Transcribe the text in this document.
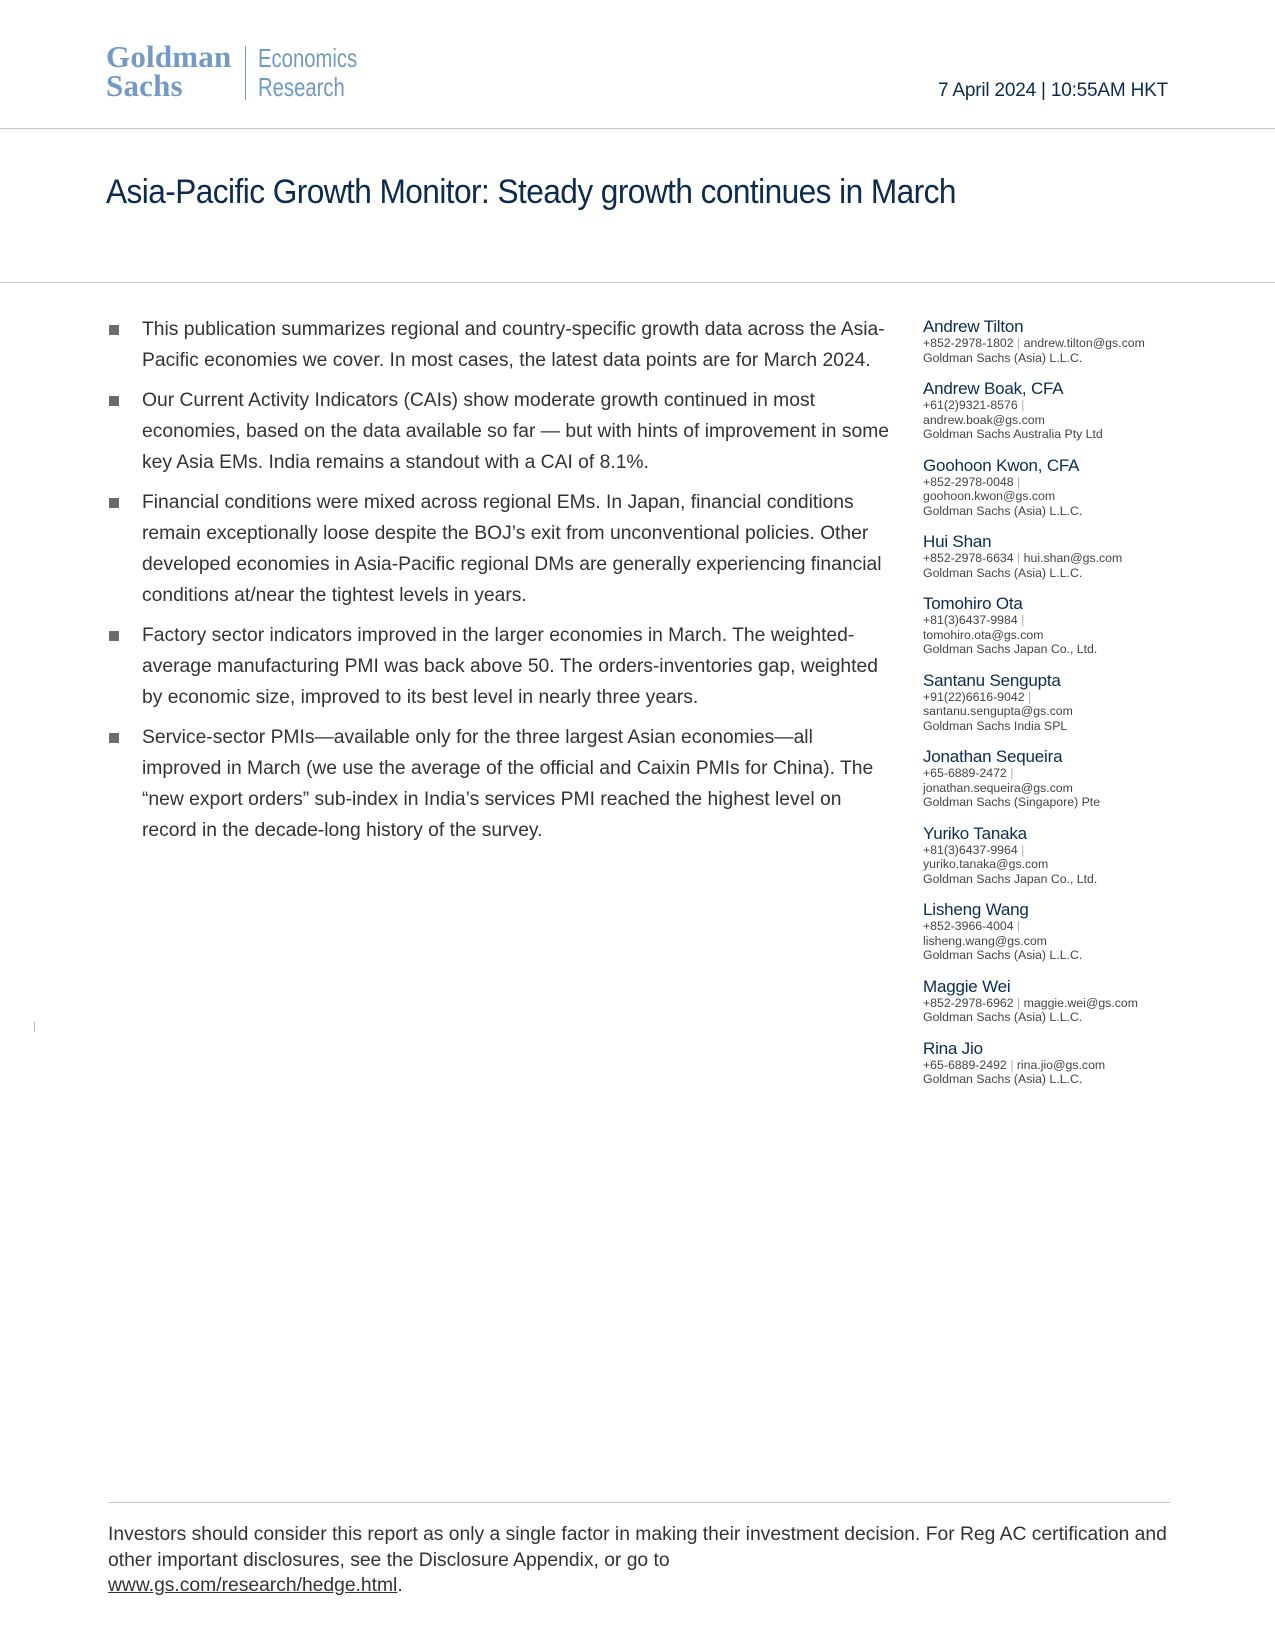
Goldman
Sachs
Economics
Research	7 April 2024 | 10:55AM HKT
Asia-Pacific Growth Monitor: Steady growth continues in March
This publication summarizes regional and country-specific growth data across the Asia-Pacific economies we cover. In most cases, the latest data points are for March 2024.
Our Current Activity Indicators (CAIs) show moderate growth continued in most economies, based on the data available so far — but with hints of improvement in some key Asia EMs. India remains a standout with a CAI of 8.1%.
Financial conditions were mixed across regional EMs. In Japan, financial conditions remain exceptionally loose despite the BOJ’s exit from unconventional policies. Other developed economies in Asia-Pacific regional DMs are generally experiencing financial conditions at/near the tightest levels in years.
Factory sector indicators improved in the larger economies in March. The weighted-average manufacturing PMI was back above 50. The orders-inventories gap, weighted by economic size, improved to its best level in nearly three years.
Service-sector PMIs—available only for the three largest Asian economies—all improved in March (we use the average of the official and Caixin PMIs for China). The “new export orders” sub-index in India’s services PMI reached the highest level on record in the decade-long history of the survey.
Andrew Tilton
+852-2978-1802 | andrew.tilton@gs.com
Goldman Sachs (Asia) L.L.C.
Andrew Boak, CFA
+61(2)9321-8576 |
andrew.boak@gs.com
Goldman Sachs Australia Pty Ltd
Goohoon Kwon, CFA
+852-2978-0048 |
goohoon.kwon@gs.com
Goldman Sachs (Asia) L.L.C.
Hui Shan
+852-2978-6634 | hui.shan@gs.com
Goldman Sachs (Asia) L.L.C.
Tomohiro Ota
+81(3)6437-9984 |
tomohiro.ota@gs.com
Goldman Sachs Japan Co., Ltd.
Santanu Sengupta
+91(22)6616-9042 |
santanu.sengupta@gs.com
Goldman Sachs India SPL
Jonathan Sequeira
+65-6889-2472 |
jonathan.sequeira@gs.com
Goldman Sachs (Singapore) Pte
Yuriko Tanaka
+81(3)6437-9964 |
yuriko.tanaka@gs.com
Goldman Sachs Japan Co., Ltd.
Lisheng Wang
+852-3966-4004 |
lisheng.wang@gs.com
Goldman Sachs (Asia) L.L.C.
Maggie Wei
+852-2978-6962 | maggie.wei@gs.com
Goldman Sachs (Asia) L.L.C.
Rina Jio
+65-6889-2492 | rina.jio@gs.com
Goldman Sachs (Asia) L.L.C.
Investors should consider this report as only a single factor in making their investment decision. For Reg AC certification and other important disclosures, see the Disclosure Appendix, or go to
www.gs.com/research/hedge.html.
